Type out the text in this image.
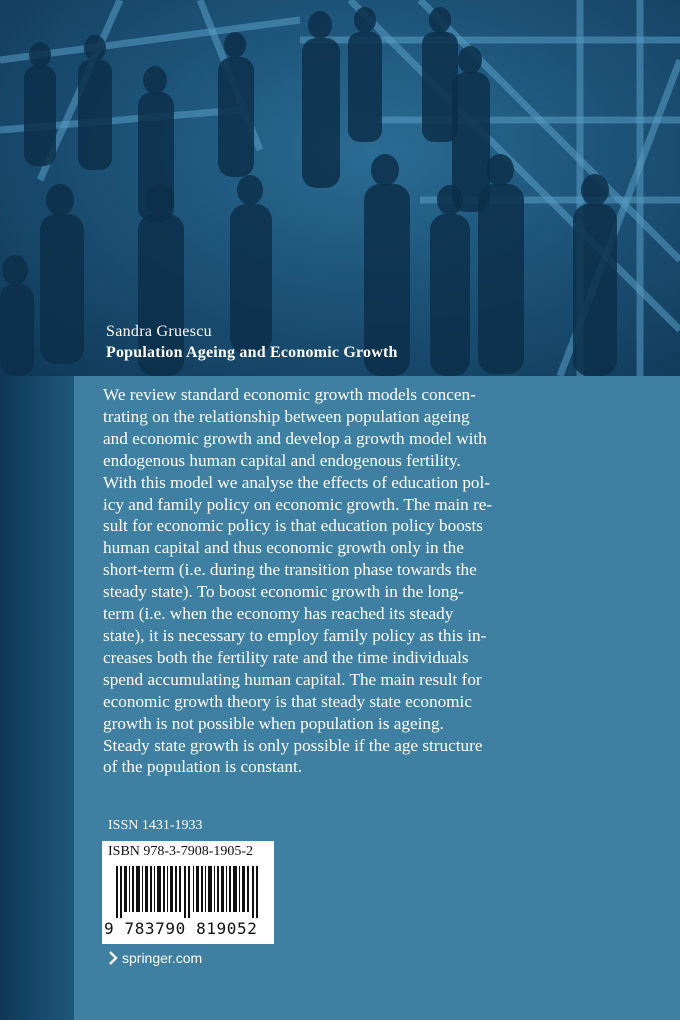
Sandra Gruescu

Population Ageing and Economic Growth

We review standard economic growth models concen-
trating on the relationship between population ageing
and economic growth and develop a growth model with
endogenous human capital and endogenous fertility.
With this model we analyse the effects of education pol-
icy and family policy on economic growth. The main re-
sult for economic policy is that education policy boosts
human capital and thus economic growth only in the
short-term (i.e. during the transition phase towards the
steady state). To boost economic growth in the long-
term (i.e. when the economy has reached its steady
state), it is necessary to employ family policy as this in-
creases both the fertility rate and the time individuals
spend accumulating human capital. The main result for
economic growth theory is that steady state economic
growth is not possible when population is ageing.
Steady state growth is only possible if the age structure
of the population is constant.

ISSN 1431-1933

ISBN 978-3-7908-1905-2

9 783790 819052

springer.com
